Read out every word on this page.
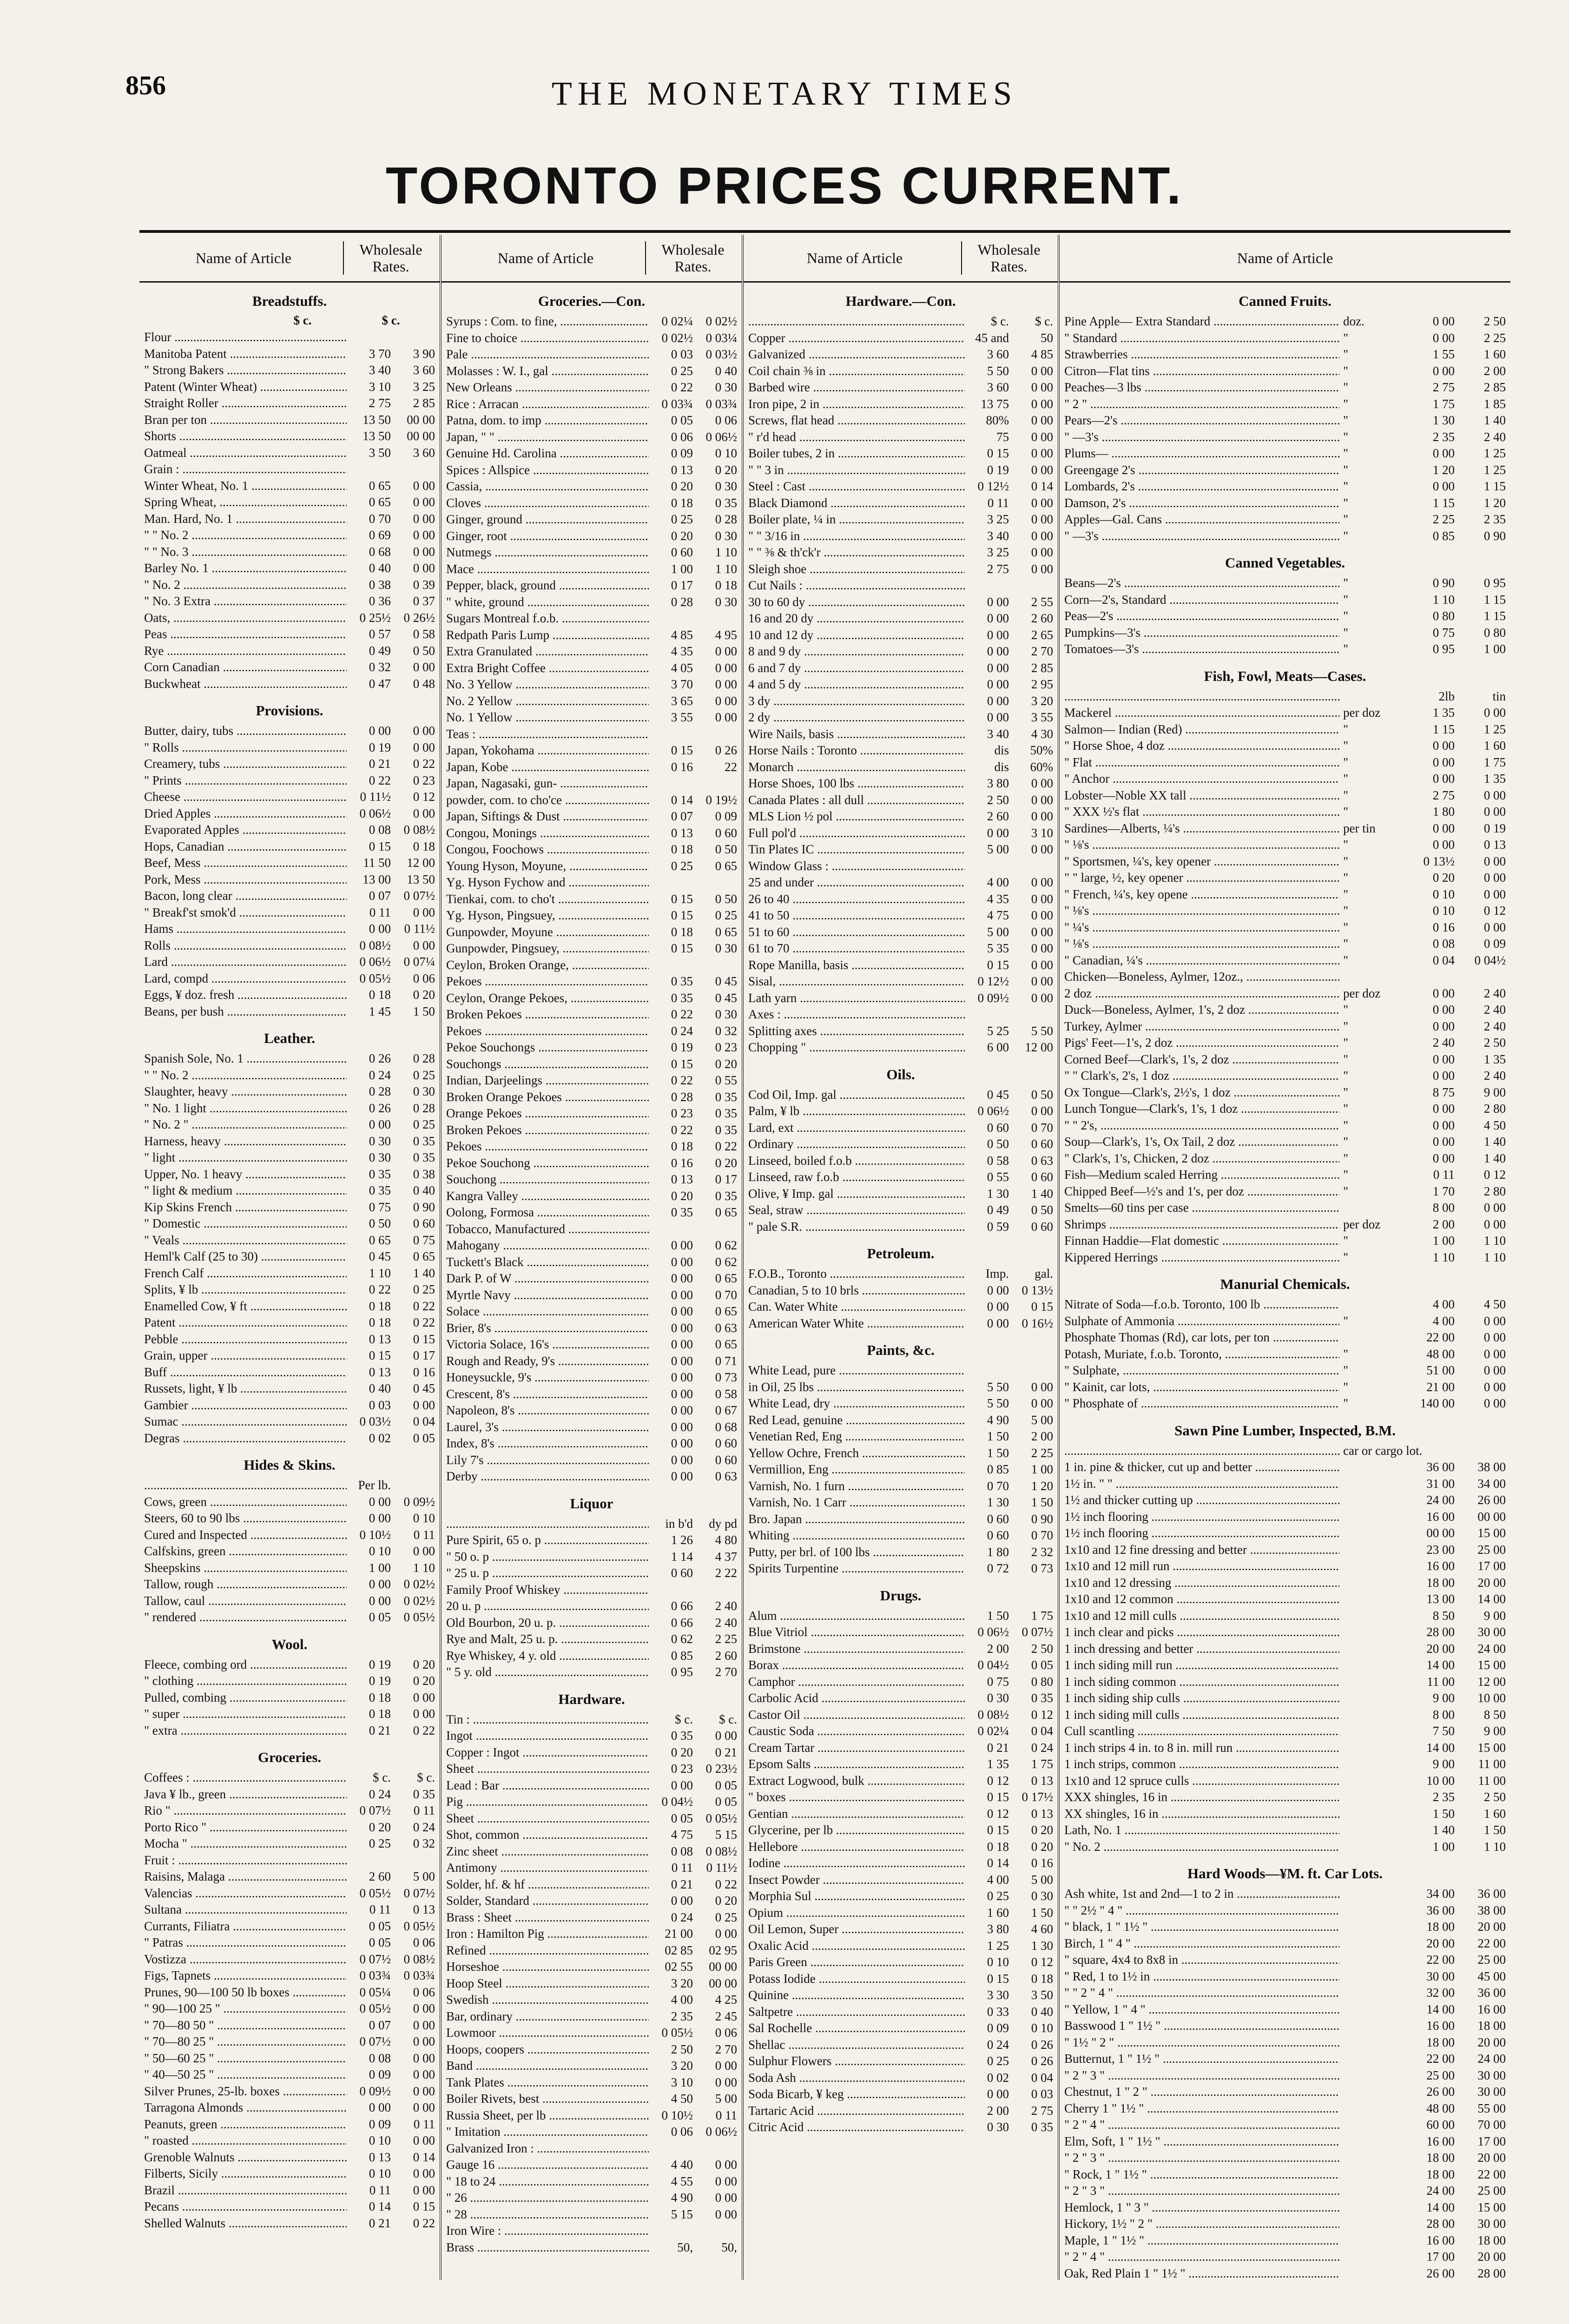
856	THE MONETARY TIMES
TORONTO PRICES CURRENT.
Name of Article	Wholesale Rates.
Breadstuffs.
$ c.	$ c.
Flour .....
Manitoba Patent .....	3 70	3 90
" Strong Bakers .....	3 40	3 60
Patent (Winter Wheat) .....	3 10	3 25
Straight Roller .....	2 75	2 85
Bran per ton .....	13 50	00 00
Shorts .....	13 50	00 00
Oatmeal .....	3 50	3 60
Grain : .....
Winter Wheat, No. 1 .....	0 65	0 00
Spring Wheat, .....	0 65	0 00
Man. Hard, No. 1 .....	0 70	0 00
" " No. 2 .....	0 69	0 00
" " No. 3 .....	0 68	0 00
Barley No. 1 .....	0 40	0 00
" No. 2 .....	0 38	0 39
" No. 3 Extra .....	0 36	0 37
Oats, .....	0 25½	0 26½
Peas .....	0 57	0 58
Rye .....	0 49	0 50
Corn Canadian .....	0 32	0 00
Buckwheat .....	0 47	0 48
Provisions.
Butter, dairy, tubs .....	0 00	0 00
" Rolls .....	0 19	0 00
Creamery, tubs .....	0 21	0 22
" Prints .....	0 22	0 23
Cheese .....	0 11½	0 12
Dried Apples .....	0 06½	0 00
Evaporated Apples .....	0 08	0 08½
Hops, Canadian .....	0 15	0 18
Beef, Mess .....	11 50	12 00
Pork, Mess .....	13 00	13 50
Bacon, long clear .....	0 07	0 07½
" Breakf'st smok'd .....	0 11	0 00
Hams .....	0 00	0 11½
Rolls .....	0 08½	0 00
Lard .....	0 06½	0 07¼
Lard, compd .....	0 05½	0 06
Eggs, ¥ doz. fresh .....	0 18	0 20
Beans, per bush .....	1 45	1 50
Leather.
Spanish Sole, No. 1 .....	0 26	0 28
" " No. 2 .....	0 24	0 25
Slaughter, heavy .....	0 28	0 30
" No. 1 light .....	0 26	0 28
" No. 2 " .....	0 00	0 25
Harness, heavy .....	0 30	0 35
" light .....	0 30	0 35
Upper, No. 1 heavy .....	0 35	0 38
" light & medium .....	0 35	0 40
Kip Skins French .....	0 75	0 90
" Domestic .....	0 50	0 60
" Veals .....	0 65	0 75
Heml'k Calf (25 to 30) .....	0 45	0 65
French Calf .....	1 10	1 40
Splits, ¥ lb .....	0 22	0 25
Enamelled Cow, ¥ ft .....	0 18	0 22
Patent .....	0 18	0 22
Pebble .....	0 13	0 15
Grain, upper .....	0 15	0 17
Buff .....	0 13	0 16
Russets, light, ¥ lb .....	0 40	0 45
Gambier .....	0 03	0 00
Sumac .....	0 03½	0 04
Degras .....	0 02	0 05
Hides & Skins.
.....
Per lb.
Cows, green .....	0 00	0 09½
Steers, 60 to 90 lbs .....	0 00	0 10
Cured and Inspected .....	0 10½	0 11
Calfskins, green .....	0 10	0 00
Sheepskins .....	1 00	1 10
Tallow, rough .....	0 00	0 02½
Tallow, caul .....	0 00	0 02½
" rendered .....	0 05	0 05½
Wool.
Fleece, combing ord .....	0 19	0 20
" clothing .....	0 19	0 20
Pulled, combing .....	0 18	0 00
" super .....	0 18	0 00
" extra .....	0 21	0 22
Groceries.
Coffees : .....	$ c.	$ c.
Java ¥ lb., green .....	0 24	0 35
Rio " .....	0 07½	0 11
Porto Rico " .....	0 20	0 24
Mocha " .....	0 25	0 32
Fruit : .....
Raisins, Malaga .....	2 60	5 00
Valencias .....	0 05½	0 07½
Sultana .....	0 11	0 13
Currants, Filiatra .....	0 05	0 05½
" Patras .....	0 05	0 06
Vostizza .....	0 07½	0 08½
Figs, Tapnets .....	0 03¾	0 03¾
Prunes, 90—100 50 lb boxes .....	0 05¼	0 06
" 90—100 25 " .....	0 05½	0 00
" 70—80 50 " .....	0 07	0 00
" 70—80 25 " .....	0 07½	0 00
" 50—60 25 " .....	0 08	0 00
" 40—50 25 " .....	0 09	0 00
Silver Prunes, 25-lb. boxes .....	0 09½	0 00
Tarragona Almonds .....	0 00	0 00
Peanuts, green .....	0 09	0 11
" roasted .....	0 10	0 00
Grenoble Walnuts .....	0 13	0 14
Filberts, Sicily .....	0 10	0 00
Brazil .....	0 11	0 00
Pecans .....	0 14	0 15
Shelled Walnuts .....	0 21	0 22
Name of Article	Wholesale Rates.
Groceries.—Con.
Syrups : Com. to fine, .....	0 02¼	0 02½
Fine to choice .....	0 02½	0 03¼
Pale .....	0 03	0 03½
Molasses : W. I., gal .....	0 25	0 40
New Orleans .....	0 22	0 30
Rice : Arracan .....	0 03¾	0 03¾
Patna, dom. to imp .....	0 05	0 06
Japan, " " .....	0 06	0 06½
Genuine Hd. Carolina .....	0 09	0 10
Spices : Allspice .....	0 13	0 20
Cassia, .....	0 20	0 30
Cloves .....	0 18	0 35
Ginger, ground .....	0 25	0 28
Ginger, root .....	0 20	0 30
Nutmegs .....	0 60	1 10
Mace .....	1 00	1 10
Pepper, black, ground .....	0 17	0 18
" white, ground .....	0 28	0 30
Sugars Montreal f.o.b. .....
Redpath Paris Lump .....	4 85	4 95
Extra Granulated .....	4 35	0 00
Extra Bright Coffee .....	4 05	0 00
No. 3 Yellow .....	3 70	0 00
No. 2 Yellow .....	3 65	0 00
No. 1 Yellow .....	3 55	0 00
Teas : .....
Japan, Yokohama .....	0 15	0 26
Japan, Kobe .....	0 16	22
Japan, Nagasaki, gun- .....
powder, com. to cho'ce .....	0 14	0 19½
Japan, Siftings & Dust .....	0 07	0 09
Congou, Monings .....	0 13	0 60
Congou, Foochows .....	0 18	0 50
Young Hyson, Moyune, .....	0 25	0 65
Yg. Hyson Fychow and .....
Tienkai, com. to cho't .....	0 15	0 50
Yg. Hyson, Pingsuey, .....	0 15	0 25
Gunpowder, Moyune .....	0 18	0 65
Gunpowder, Pingsuey, .....	0 15	0 30
Ceylon, Broken Orange, .....
Pekoes .....	0 35	0 45
Ceylon, Orange Pekoes, .....	0 35	0 45
Broken Pekoes .....	0 22	0 30
Pekoes .....	0 24	0 32
Pekoe Souchongs .....	0 19	0 23
Souchongs .....	0 15	0 20
Indian, Darjeelings .....	0 22	0 55
Broken Orange Pekoes .....	0 28	0 35
Orange Pekoes .....	0 23	0 35
Broken Pekoes .....	0 22	0 35
Pekoes .....	0 18	0 22
Pekoe Souchong .....	0 16	0 20
Souchong .....	0 13	0 17
Kangra Valley .....	0 20	0 35
Oolong, Formosa .....	0 35	0 65
Tobacco, Manufactured .....
Mahogany .....	0 00	0 62
Tuckett's Black .....	0 00	0 62
Dark P. of W .....	0 00	0 65
Myrtle Navy .....	0 00	0 70
Solace .....	0 00	0 65
Brier, 8's .....	0 00	0 63
Victoria Solace, 16's .....	0 00	0 65
Rough and Ready, 9's .....	0 00	0 71
Honeysuckle, 9's .....	0 00	0 73
Crescent, 8's .....	0 00	0 58
Napoleon, 8's .....	0 00	0 67
Laurel, 3's .....	0 00	0 68
Index, 8's .....	0 00	0 60
Lily 7's .....	0 00	0 60
Derby .....	0 00	0 63
Liquor
.....
in b'd	dy pd
Pure Spirit, 65 o. p .....	1 26	4 80
" 50 o. p .....	1 14	4 37
" 25 u. p .....	0 60	2 22
Family Proof Whiskey .....
20 u. p .....	0 66	2 40
Old Bourbon, 20 u. p. .....	0 66	2 40
Rye and Malt, 25 u. p. .....	0 62	2 25
Rye Whiskey, 4 y. old .....	0 85	2 60
" 5 y. old .....	0 95	2 70
Hardware.
Tin : .....	$ c.	$ c.
Ingot .....	0 35	0 00
Copper : Ingot .....	0 20	0 21
Sheet .....	0 23	0 23½
Lead : Bar .....	0 00	0 05
Pig .....	0 04½	0 05
Sheet .....	0 05	0 05½
Shot, common .....	4 75	5 15
Zinc sheet .....	0 08	0 08½
Antimony .....	0 11	0 11½
Solder, hf. & hf .....	0 21	0 22
Solder, Standard .....	0 00	0 20
Brass : Sheet .....	0 24	0 25
Iron : Hamilton Pig .....	21 00	0 00
Refined .....	02 85	02 95
Horseshoe .....	02 55	00 00
Hoop Steel .....	3 20	00 00
Swedish .....	4 00	4 25
Bar, ordinary .....	2 35	2 45
Lowmoor .....	0 05½	0 06
Hoops, coopers .....	2 50	2 70
Band .....	3 20	0 00
Tank Plates .....	3 10	0 00
Boiler Rivets, best .....	4 50	5 00
Russia Sheet, per lb .....	0 10½	0 11
" Imitation .....	0 06	0 06½
Galvanized Iron : .....
Gauge 16 .....	4 40	0 00
" 18 to 24 .....	4 55	0 00
" 26 .....	4 90	0 00
" 28 .....	5 15	0 00
Iron Wire : .....
Brass .....	50,	50,
Name of Article	Wholesale Rates.
Hardware.—Con.
.....
$ c.	$ c.
Copper .....	45 and	50
Galvanized .....	3 60	4 85
Coil chain ⅜ in .....	5 50	0 00
Barbed wire .....	3 60	0 00
Iron pipe, 2 in .....	13 75	0 00
Screws, flat head .....	80%	0 00
" r'd head .....	75	0 00
Boiler tubes, 2 in .....	0 15	0 00
" " 3 in .....	0 19	0 00
Steel : Cast .....	0 12½	0 14
Black Diamond .....	0 11	0 00
Boiler plate, ¼ in .....	3 25	0 00
" " 3/16 in .....	3 40	0 00
" " ⅜ & th'ck'r .....	3 25	0 00
Sleigh shoe .....	2 75	0 00
Cut Nails : .....
30 to 60 dy .....	0 00	2 55
16 and 20 dy .....	0 00	2 60
10 and 12 dy .....	0 00	2 65
8 and 9 dy .....	0 00	2 70
6 and 7 dy .....	0 00	2 85
4 and 5 dy .....	0 00	2 95
3 dy .....	0 00	3 20
2 dy .....	0 00	3 55
Wire Nails, basis .....	3 40	4 30
Horse Nails : Toronto .....	dis	50%
Monarch .....	dis	60%
Horse Shoes, 100 lbs .....	3 80	0 00
Canada Plates : all dull .....	2 50	0 00
MLS Lion ½ pol .....	2 60	0 00
Full pol'd .....	0 00	3 10
Tin Plates IC .....	5 00	0 00
Window Glass : .....
25 and under .....	4 00	0 00
26 to 40 .....	4 35	0 00
41 to 50 .....	4 75	0 00
51 to 60 .....	5 00	0 00
61 to 70 .....	5 35	0 00
Rope Manilla, basis .....	0 15	0 00
Sisal, .....	0 12½	0 00
Lath yarn .....	0 09½	0 00
Axes : .....
Splitting axes .....	5 25	5 50
Chopping " .....	6 00	12 00
Oils.
Cod Oil, Imp. gal .....	0 45	0 50
Palm, ¥ lb .....	0 06½	0 00
Lard, ext .....	0 60	0 70
Ordinary .....	0 50	0 60
Linseed, boiled f.o.b .....	0 58	0 63
Linseed, raw f.o.b .....	0 55	0 60
Olive, ¥ Imp. gal .....	1 30	1 40
Seal, straw .....	0 49	0 50
" pale S.R. .....	0 59	0 60
Petroleum.
F.O.B., Toronto .....	Imp.	gal.
Canadian, 5 to 10 brls .....	0 00	0 13½
Can. Water White .....	0 00	0 15
American Water White .....	0 00	0 16½
Paints, &c.
White Lead, pure .....
in Oil, 25 lbs .....	5 50	0 00
White Lead, dry .....	5 50	0 00
Red Lead, genuine .....	4 90	5 00
Venetian Red, Eng .....	1 50	2 00
Yellow Ochre, French .....	1 50	2 25
Vermillion, Eng .....	0 85	1 00
Varnish, No. 1 furn .....	0 70	1 20
Varnish, No. 1 Carr .....	1 30	1 50
Bro. Japan .....	0 60	0 90
Whiting .....	0 60	0 70
Putty, per brl. of 100 lbs .....	1 80	2 32
Spirits Turpentine .....	0 72	0 73
Drugs.
Alum .....	1 50	1 75
Blue Vitriol .....	0 06½	0 07½
Brimstone .....	2 00	2 50
Borax .....	0 04½	0 05
Camphor .....	0 75	0 80
Carbolic Acid .....	0 30	0 35
Castor Oil .....	0 08½	0 12
Caustic Soda .....	0 02¼	0 04
Cream Tartar .....	0 21	0 24
Epsom Salts .....	1 35	1 75
Extract Logwood, bulk .....	0 12	0 13
" boxes .....	0 15	0 17½
Gentian .....	0 12	0 13
Glycerine, per lb .....	0 15	0 20
Hellebore .....	0 18	0 20
Iodine .....	0 14	0 16
Insect Powder .....	4 00	5 00
Morphia Sul .....	0 25	0 30
Opium .....	1 60	1 50
Oil Lemon, Super .....	3 80	4 60
Oxalic Acid .....	1 25	1 30
Paris Green .....	0 10	0 12
Potass Iodide .....	0 15	0 18
Quinine .....	3 30	3 50
Saltpetre .....	0 33	0 40
Sal Rochelle .....	0 09	0 10
Shellac .....	0 24	0 26
Sulphur Flowers .....	0 25	0 26
Soda Ash .....	0 02	0 04
Soda Bicarb, ¥ keg .....	0 00	0 03
Tartaric Acid .....	2 00	2 75
Citric Acid .....	0 30	0 35
Name of Article
Canned Fruits.
Pine Apple— Extra Standard .....	doz.	0 00	2 50
" Standard .....	"	0 00	2 25
Strawberries .....	"	1 55	1 60
Citron—Flat tins .....	"	0 00	2 00
Peaches—3 lbs .....	"	2 75	2 85
" 2 " .....	"	1 75	1 85
Pears—2's .....	"	1 30	1 40
" —3's .....	"	2 35	2 40
Plums— .....	"	0 00	1 25
Greengage 2's .....	"	1 20	1 25
Lombards, 2's .....	"	0 00	1 15
Damson, 2's .....	"	1 15	1 20
Apples—Gal. Cans .....	"	2 25	2 35
" —3's .....	"	0 85	0 90
Canned Vegetables.
Beans—2's .....	"	0 90	0 95
Corn—2's, Standard .....	"	1 10	1 15
Peas—2's .....	"	0 80	1 15
Pumpkins—3's .....	"	0 75	0 80
Tomatoes—3's .....	"	0 95	1 00
Fish, Fowl, Meats—Cases.
.....
2lb	tin
Mackerel .....	per doz	1 35	0 00
Salmon— Indian (Red) .....	"	1 15	1 25
" Horse Shoe, 4 doz .....	"	0 00	1 60
" Flat .....	"	0 00	1 75
" Anchor .....	"	0 00	1 35
Lobster—Noble XX tall .....	"	2 75	0 00
" XXX ½'s flat .....	"	1 80	0 00
Sardines—Alberts, ¼'s .....	per tin	0 00	0 19
" ⅛'s .....	"	0 00	0 13
" Sportsmen, ¼'s, key opener .....	"	0 13½	0 00
" " large, ½, key opener .....	"	0 20	0 00
" French, ¼'s, key opene .....	"	0 10	0 00
" ⅛'s .....	"	0 10	0 12
" ¼'s .....	"	0 16	0 00
" ⅛'s .....	"	0 08	0 09
" Canadian, ¼'s .....	"	0 04	0 04½
Chicken—Boneless, Aylmer, 12oz., .....
2 doz .....	per doz	0 00	2 40
Duck—Boneless, Aylmer, 1's, 2 doz .....	"	0 00	2 40
Turkey, Aylmer .....	"	0 00	2 40
Pigs' Feet—1's, 2 doz .....	"	2 40	2 50
Corned Beef—Clark's, 1's, 2 doz .....	"	0 00	1 35
" " Clark's, 2's, 1 doz .....	"	0 00	2 40
Ox Tongue—Clark's, 2½'s, 1 doz .....	"	8 75	9 00
Lunch Tongue—Clark's, 1's, 1 doz .....	"	0 00	2 80
" " 2's, .....	"	0 00	4 50
Soup—Clark's, 1's, Ox Tail, 2 doz .....	"	0 00	1 40
" Clark's, 1's, Chicken, 2 doz .....	"	0 00	1 40
Fish—Medium scaled Herring .....	"	0 11	0 12
Chipped Beef—½'s and 1's, per doz .....	"	1 70	2 80
Smelts—60 tins per case .....	8 00	0 00
Shrimps .....	per doz	2 00	0 00
Finnan Haddie—Flat domestic .....	"	1 00	1 10
Kippered Herrings .....	"	1 10	1 10
Manurial Chemicals.
Nitrate of Soda—f.o.b. Toronto, 100 lb .....	4 00	4 50
Sulphate of Ammonia .....	"	4 00	0 00
Phosphate Thomas (Rd), car lots, per ton .....	22 00	0 00
Potash, Muriate, f.o.b. Toronto, .....	"	48 00	0 00
" Sulphate, .....	"	51 00	0 00
" Kainit, car lots, .....	"	21 00	0 00
" Phosphate of .....	"	140 00	0 00
Sawn Pine Lumber, Inspected, B.M.
.....
car or cargo lot.
1 in. pine & thicker, cut up and better .....	36 00	38 00
1½ in. " " .....	31 00	34 00
1½ and thicker cutting up .....	24 00	26 00
1½ inch flooring .....	16 00	00 00
1½ inch flooring .....	00 00	15 00
1x10 and 12 fine dressing and better .....	23 00	25 00
1x10 and 12 mill run .....	16 00	17 00
1x10 and 12 dressing .....	18 00	20 00
1x10 and 12 common .....	13 00	14 00
1x10 and 12 mill culls .....	8 50	9 00
1 inch clear and picks .....	28 00	30 00
1 inch dressing and better .....	20 00	24 00
1 inch siding mill run .....	14 00	15 00
1 inch siding common .....	11 00	12 00
1 inch siding ship culls .....	9 00	10 00
1 inch siding mill culls .....	8 00	8 50
Cull scantling .....	7 50	9 00
1 inch strips 4 in. to 8 in. mill run .....	14 00	15 00
1 inch strips, common .....	9 00	11 00
1x10 and 12 spruce culls .....	10 00	11 00
XXX shingles, 16 in .....	2 35	2 50
XX shingles, 16 in .....	1 50	1 60
Lath, No. 1 .....	1 40	1 50
" No. 2 .....	1 00	1 10
Hard Woods—¥M. ft. Car Lots.
Ash white, 1st and 2nd—1 to 2 in .....	34 00	36 00
" " 2½ " 4 " .....	36 00	38 00
" black, 1 " 1½ " .....	18 00	20 00
Birch, 1 " 4 " .....	20 00	22 00
" square, 4x4 to 8x8 in .....	22 00	25 00
" Red, 1 to 1½ in .....	30 00	45 00
" " 2 " 4 " .....	32 00	36 00
" Yellow, 1 " 4 " .....	14 00	16 00
Basswood 1 " 1½ " .....	16 00	18 00
" 1½ " 2 " .....	18 00	20 00
Butternut, 1 " 1½ " .....	22 00	24 00
" 2 " 3 " .....	25 00	30 00
Chestnut, 1 " 2 " .....	26 00	30 00
Cherry 1 " 1½ " .....	48 00	55 00
" 2 " 4 " .....	60 00	70 00
Elm, Soft, 1 " 1½ " .....	16 00	17 00
" 2 " 3 " .....	18 00	20 00
" Rock, 1 " 1½ " .....	18 00	22 00
" 2 " 3 " .....	24 00	25 00
Hemlock, 1 " 3 " .....	14 00	15 00
Hickory, 1½ " 2 " .....	28 00	30 00
Maple, 1 " 1½ " .....	16 00	18 00
" 2 " 4 " .....	17 00	20 00
Oak, Red Plain 1 " 1½ " .....	26 00	28 00
